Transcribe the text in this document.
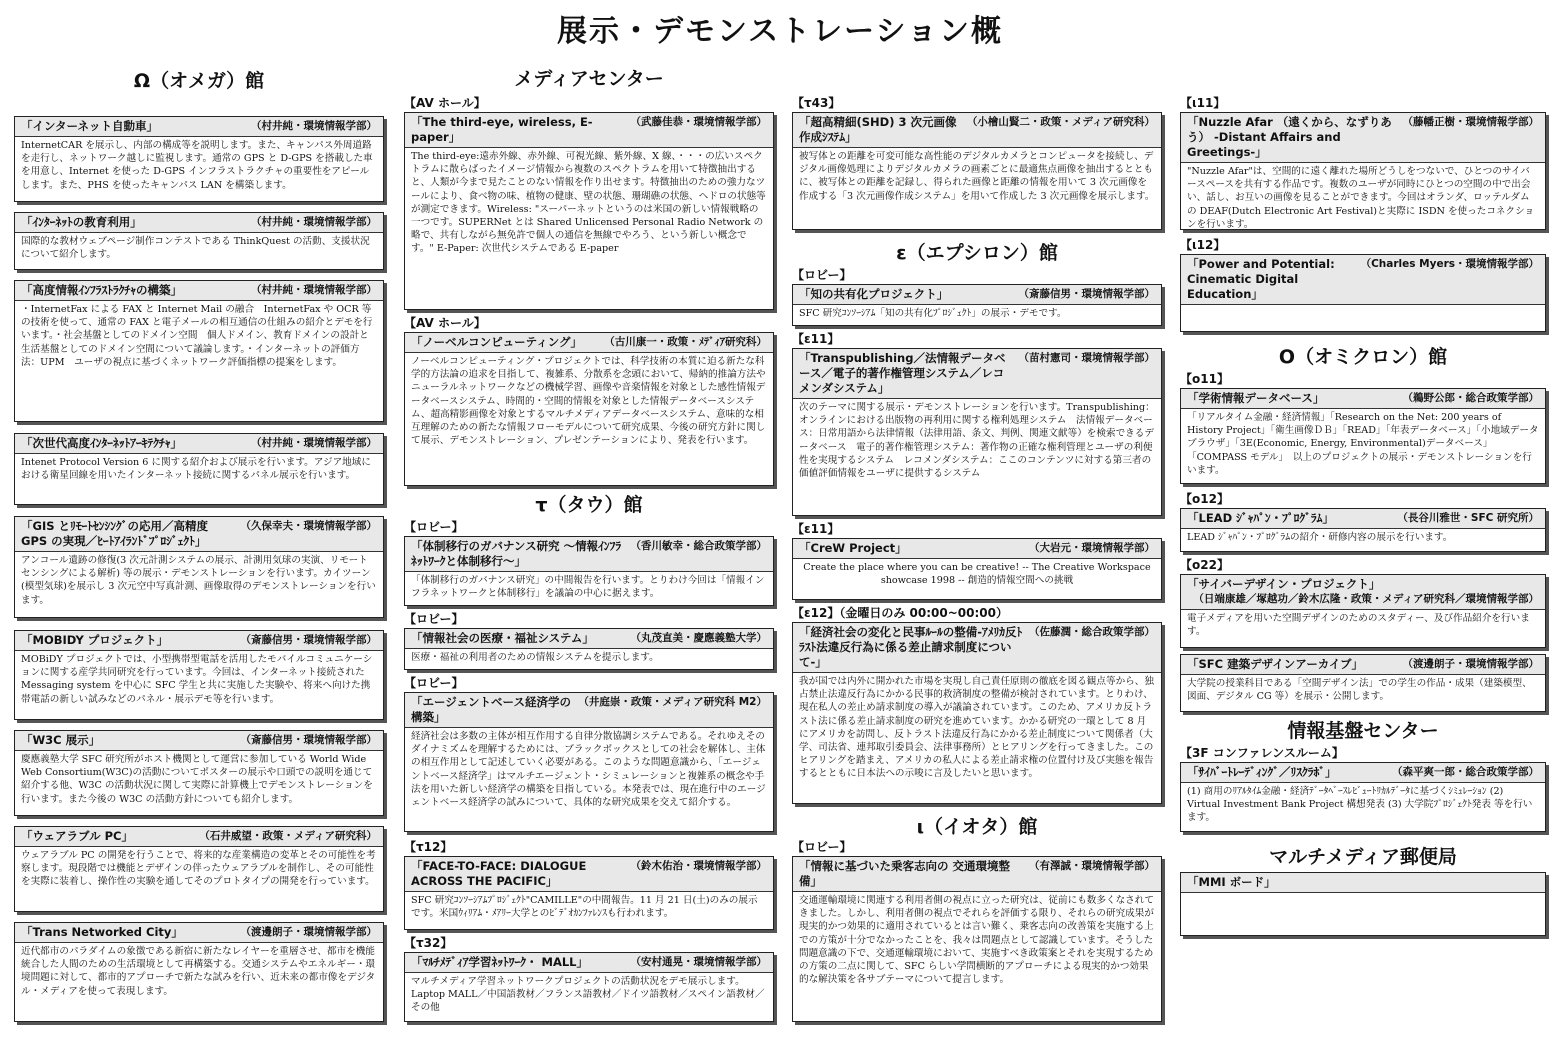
展示・デモンストレーション概
Ω（オメガ）館
「インターネット自動車」	（村井純・環境情報学部）
InternetCAR を展示し、内部の構成等を説明します。また、キャンパス外周道路を走行し、ネットワーク越しに監視します。通常の GPS と D-GPS を搭載した車を用意し、Internet を使った D-GPS インフラストラクチャの重要性をアピールします。また、PHS を使ったキャンパス LAN を構築します。
「ｲﾝﾀｰﾈｯﾄの教育利用」	（村井純・環境情報学部）
国際的な教材ウェブページ制作コンテストである ThinkQuest の活動、支援状況について紹介します。
「高度情報ｲﾝﾌﾗｽﾄﾗｸﾁｬの構築」	（村井純・環境情報学部）
・InternetFax による FAX と Internet Mail の融合　InternetFax や OCR 等の技術を使って、通常の FAX と電子メールの相互通信の仕組みの紹介とデモを行います。・社会基盤としてのドメイン空間　個人ドメイン、教育ドメインの設計と生活基盤としてのドメイン空間について議論します。・インターネットの評価方法：UPM　ユーザの視点に基づくネットワーク評価指標の提案をします。
「次世代高度ｲﾝﾀｰﾈｯﾄｱｰｷﾃｸﾁｬ」	（村井純・環境情報学部）
Intenet Protocol Version 6 に関する紹介および展示を行います。アジア地域における衛星回線を用いたインターネット接続に関するパネル展示を行います。
「GIS とﾘﾓｰﾄｾﾝｼﾝｸﾞの応用／高精度 GPS の実現／ﾋｰﾄｱｲﾗﾝﾄﾞﾌﾟﾛｼﾞｪｸﾄ」
（久保幸夫・環境情報学部）
アンコール遺跡の修復(3 次元計測システムの展示、計測用気球の実演、リモートセンシングによる解析) 等の展示・デモンストレーションを行います。カイツーン(模型気球)を展示し 3 次元空中写真計測、画像取得のデモンストレーションを行います。
「MOBIDY プロジェクト」	（斎藤信男・環境情報学部）
MOBiDY プロジェクトでは、小型携帯型電話を活用したモバイルコミュニケーションに関する産学共同研究を行っています。今回は、インターネット接続された Messaging system を中心に SFC 学生と共に実施した実験や、将来へ向けた携帯電話の新しい試みなどのパネル・展示デモ等を行います。
「W3C 展示」	（斎藤信男・環境情報学部）
慶應義塾大学 SFC 研究所がホスト機関として運営に参加している World Wide Web Consortium(W3C)の活動についてポスターの展示や口頭での説明を通じて紹介する他、W3C の活動状況に関して実際に計算機上でデモンストレーションを行います。また今後の W3C の活動方針についても紹介します。
「ウェアラブル PC」	（石井威望・政策・メディア研究科）
ウェアラブル PC の開発を行うことで、将来的な産業構造の変革とその可能性を考察します。現段階では機能とデザインの伴ったウェアラブルを制作し、その可能性を実際に装着し、操作性の実験を通してそのプロトタイプの開発を行っています。
「Trans Networked City」	（渡邊朗子・環境情報学部）
近代都市のパラダイムの象徴である新宿に新たなレイヤーを重層させ、都市を機能統合した人間のための生活環境として再構築する。交通システムやエネルギー・環境問題に対して、都市的アプローチで新たな試みを行い、近未来の都市像をデジタル・メディアを使って表現します。
メディアセンター
【AV ホール】
「The third-eye, wireless, E-paper」
（武藤佳恭・環境情報学部）
The third-eye:遠赤外線、赤外線、可視光線、紫外線、X 線、・・・の広いスペクトラムに散らばったイメージ情報から複数のスペクトラムを用いて特徴抽出すると、人類が今まで見たことのない情報を作り出せます。特徴抽出のための強力なツールにより、食べ物の味、植物の健康、壁の状態、珊瑚礁の状態、ヘドロの状態等が測定できます。Wireless: "スーパーネットというのは米国の新しい情報戦略の一つです。SUPERNet とは Shared Unlicensed Personal Radio Network の略で、共有しながら無免許で個人の通信を無線でやろう、という新しい概念です。" E-Paper: 次世代システムである E-paper
【AV ホール】
「ノーベルコンピューティング」	（古川康一・政策・ﾒﾃﾞｨｱ研究科）
ノーベルコンピューティング・プロジェクトでは、科学技術の本質に迫る新たな科学的方法論の追求を目指して、複雑系、分散系を念頭において、帰納的推論方法やニューラルネットワークなどの機械学習、画像や音楽情報を対象とした感性情報データベースシステム、時間的・空間的情報を対象とした情報データベースシステム、超高精影画像を対象とするマルチメディアデータベースシステム、意味的な相互理解のための新たな情報フローモデルについて研究成果、今後の研究方針に関して展示、デモンストレーション、プレゼンテーションにより、発表を行います。
τ（タウ）館
【ロビー】
「体制移行のガバナンス研究 ～情報ｲﾝﾌﾗﾈｯﾄﾜｰｸと体制移行～」
（香川敏幸・総合政策学部）
「体制移行のガバナンス研究」の中間報告を行います。とりわけ今回は「情報インフラネットワークと体制移行」を議論の中心に据えます。
【ロビー】
「情報社会の医療・福祉システム」	（丸茂直美・慶應義塾大学）
医療・福祉の利用者のための情報システムを提示します。
【ロビー】
「エージェントベース経済学の構築」
（井庭崇・政策・メディア研究科 M2）
経済社会は多数の主体が相互作用する自律分散協調システムである。それゆえそのダイナミズムを理解するためには、ブラックボックスとしての社会を解体し、主体の相互作用として記述していく必要がある。このような問題意識から、「エージェントベース経済学」はマルチエージェント・シミュレーションと複雑系の概念や手法を用いた新しい経済学の構築を目指している。本発表では、現在進行中のエージェントベース経済学の試みについて、具体的な研究成果を交えて紹介する。
【τ12】
「FACE-TO-FACE: DIALOGUE ACROSS THE PACIFIC」
（鈴木佑治・環境情報学部）
SFC 研究ｺﾝｿｰｼｱﾑﾌﾟﾛｼﾞｪｸﾄ"CAMILLE"の中間報告。11 月 21 日(土)のみの展示です。米国ｳｨﾘｱﾑ・ﾒｱﾘｰ大学とのﾋﾞﾃﾞｵｶﾝﾌｧﾚﾝｽも行われます。
【τ32】
「ﾏﾙﾁﾒﾃﾞｨｱ学習ﾈｯﾄﾜｰｸ・ MALL」	（安村通晃・環境情報学部）
マルチメディア学習ネットワークプロジェクトの活動状況をデモ展示します。Laptop MALL／中国語教材／フランス語教材／ドイツ語教材／スペイン語教材／その他
【τ43】
「超高精細(SHD) 3 次元画像作成ｼｽﾃﾑ」
（小檜山賢二・政策・メディア研究科）
被写体との距離を可変可能な高性能のデジタルカメラとコンピュータを接続し、デジタル画像処理によりデジタルカメラの画素ごとに最適焦点画像を抽出するとともに、被写体との距離を記録し、得られた画像と距離の情報を用いて 3 次元画像を作成する「3 次元画像作成システム」を用いて作成した 3 次元画像を展示します。
ε（エプシロン）館
【ロビー】
「知の共有化プロジェクト」	（斎藤信男・環境情報学部）
SFC 研究ｺﾝｿｰｼｱﾑ「知の共有化ﾌﾟﾛｼﾞｪｸﾄ」の展示・デモです。
【ε11】
「Transpublishing／法情報データベース／電子的著作権管理システム／レコメンダシステム」
（苗村憲司・環境情報学部）
次のテーマに関する展示・デモンストレーションを行います。Transpublishing： オンラインにおける出版物の再利用に関する権利処理システム　法情報データベース：日常用語から法律情報（法律用語、条文、判例、関連文献等）を検索できるデータベース　電子的著作権管理システム：著作物の正確な権利管理とユーザの利便性を実現するシステム　レコメンダシステム：ここのコンテンツに対する第三者の価値評価情報をユーザに提供するシステム
【ε11】
「CreW Project」	（大岩元・環境情報学部）
Create the place where you can be creative! -- The Creative Workspace showcase 1998 -- 創造的情報空間への挑戦
【ε12】（金曜日のみ 00:00~00:00）
「経済社会の変化と民事ﾙｰﾙの整備-ｱﾒﾘｶ反ﾄﾗｽﾄ法違反行為に係る差止請求制度について-」
（佐藤潤・総合政策学部）
我が国では内外に開かれた市場を実現し自己責任原則の徹底を図る観点等から、独占禁止法違反行為にかかる民事的救済制度の整備が検討されています。とりわけ、現在私人の差止め請求制度の導入が議論されています。このため、アメリカ反トラスト法に係る差止請求制度の研究を進めています。かかる研究の一環として 8 月にアメリカを訪問し、反トラスト法違反行為にかかる差止制度について関係者（大学、司法省、連邦取引委員会、法律事務所）とヒアリングを行ってきました。このヒアリングを踏まえ、アメリカの私人による差止請求権の位置付け及び実態を報告するとともに日本法への示唆に言及したいと思います。
ι（イオタ）館
【ロビー】
「情報に基づいた乗客志向の 交通環境整備」
（有澤誠・環境情報学部）
交通運輸環境に関連する利用者側の視点に立った研究は、従前にも数多くなされてきました。しかし、利用者側の視点でそれらを評価する限り、それらの研究成果が現実的かつ効果的に適用されているとは言い難く、乗客志向の改善策を実施する上での方策が十分でなかったことを、我々は問題点として認識しています。そうした問題意識の下で、交通運輸環境において、実施すべき政策案とそれを実現するための方策の二点に関して、SFC らしい学問横断的アプローチによる現実的かつ効果的な解決策を各サブテーマについて提言します。
【ι11】
「Nuzzle Afar （遠くから、なずりあう） -Distant Affairs and Greetings-」
（藤幡正樹・環境情報学部）
"Nuzzle Afar"は、空間的に遠く離れた場所どうしをつないで、ひとつのサイバースペースを共有する作品です。複数のユーザが同時にひとつの空間の中で出会い、話し、お互いの画像を見ることができます。今回はオランダ、ロッテルダムの DEAF(Dutch Electronic Art Festival)と実際に ISDN を使ったコネクションを行います。
【ι12】
「Power and Potential: Cinematic Digital Education」
（Charles Myers・環境情報学部）
Ο（オミクロン）館
【ο11】
「学術情報データベース」	（鵜野公郎・総合政策学部）
「リアルタイム金融・経済情報」「Research on the Net: 200 years of History Project」「衛生画像ＤＢ」「READ」「年表データベース」「小地域データブラウザ」「3E(Economic, Energy, Environmental)データベース」「COMPASS モデル」　以上のプロジェクトの展示・デモンストレーションを行います。
【ο12】
「LEAD ｼﾞｬﾊﾟﾝ・ﾌﾟﾛｸﾞﾗﾑ」	（長谷川雅世・SFC 研究所）
LEAD ｼﾞｬﾊﾟﾝ・ﾌﾟﾛｸﾞﾗﾑの紹介・研修内容の展示を行います。
【ο22】
「サイバーデザイン・プロジェクト」
（日端康雄／塚越功／鈴木広隆・政策・メディア研究科／環境情報学部）
電子メディアを用いた空間デザインのためのスタディー、及び作品紹介を行います。
「SFC 建築デザインアーカイブ」	（渡邊朗子・環境情報学部）
大学院の授業科目である「空間デザイン法」での学生の作品・成果（建築模型、図面、デジタル CG 等）を展示・公開します。
情報基盤センター
【3F コンファレンスルーム】
「ｻｲﾊﾞｰﾄﾚｰﾃﾞｨﾝｸﾞ／ﾘｽｸﾗﾎﾞ」	（森平爽一郎・総合政策学部）
(1) 商用のﾘｱﾙﾀｲﾑ金融・経済ﾃﾞｰﾀﾍﾞｰｽﾚﾋﾞｭｰﾄﾘｶﾙﾃﾞｰﾀに基づくｼﾐｭﾚｰｼｮﾝ (2) Virtual Investment Bank Project 構想発表 (3) 大学院ﾌﾟﾛｼﾞｪｸﾄ発表 等を行います。
マルチメディア郵便局
「MMI ボード」
